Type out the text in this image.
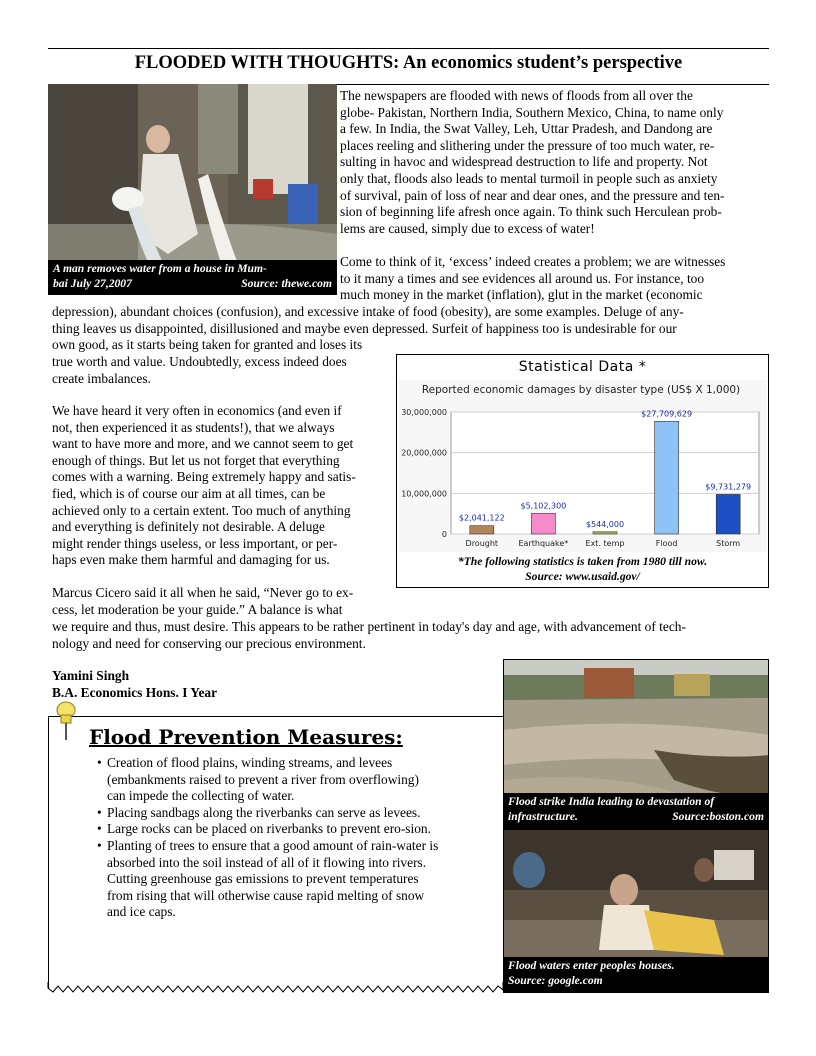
FLOODED WITH THOUGHTS: An economics student’s perspective
A man removes water from a house in Mum-
bai July 27,2007	Source: thewe.com
The newspapers are flooded with news of floods from all over the
globe- Pakistan, Northern India, Southern Mexico, China, to name only
a few. In India, the Swat Valley, Leh, Uttar Pradesh, and Dandong are
places reeling and slithering under the pressure of too much water, re-
sulting in havoc and widespread destruction to life and property. Not
only that, floods also leads to mental turmoil in people such as anxiety
of survival, pain of loss of near and dear ones, and the pressure and ten-
sion of beginning life afresh once again. To think such Herculean prob-
lems are caused, simply due to excess of water!
Come to think of it, ‘excess’ indeed creates a problem; we are witnesses
to it many a times and see evidences all around us. For instance, too
much money in the market (inflation), glut in the market (economic
depression), abundant choices (confusion), and excessive intake of food (obesity), are some examples. Deluge of any-
thing leaves us disappointed, disillusioned and maybe even depressed. Surfeit of happiness too is undesirable for our
own good, as it starts being taken for granted and loses its
true worth and value. Undoubtedly, excess indeed does
create imbalances.
We have heard it very often in economics (and even if
not, then experienced it as students!), that we always
want to have more and more, and we cannot seem to get
enough of things. But let us not forget that everything
comes with a warning. Being extremely happy and satis-
fied, which is of course our aim at all times, can be
achieved only to a certain extent. Too much of anything
and everything is definitely not desirable. A deluge
might render things useless, or less important, or per-
haps even make them harmful and damaging for us.
Marcus Cicero said it all when he said, “Never go to ex-
cess, let moderation be your guide.” A balance is what
we require and thus, must desire. This appears to be rather pertinent in today's day and age, with advancement of tech-
nology and need for conserving our precious environment.
Yamini Singh
B.A. Economics Hons. I Year
Statistical Data *
Reported economic damages by disaster type (US$ X 1,000)
0
10,000,000
20,000,000
30,000,000
$2,041,122
Drought
$5,102,300
Earthquake*
$544,000
Ext. temp
$27,709,629
Flood
$9,731,279
Storm
*The following statistics is taken from 1980 till now.
Source: www.usaid.gov/
Flood Prevention Measures:
• Creation of flood plains, winding streams, and levees (embankments raised to prevent a river from overflowing) can impede the collecting of water.
• Placing sandbags along the riverbanks can serve as levees.
• Large rocks can be placed on riverbanks to prevent ero-sion.
• Planting of trees to ensure that a good amount of rain-water is absorbed into the soil instead of all of it flowing into rivers. Cutting greenhouse gas emissions to prevent temperatures from rising that will otherwise cause rapid melting of snow and ice caps.
Flood strike India leading to devastation of
infrastructure.	Source:boston.com
Flood waters enter peoples houses.
Source: google.com
